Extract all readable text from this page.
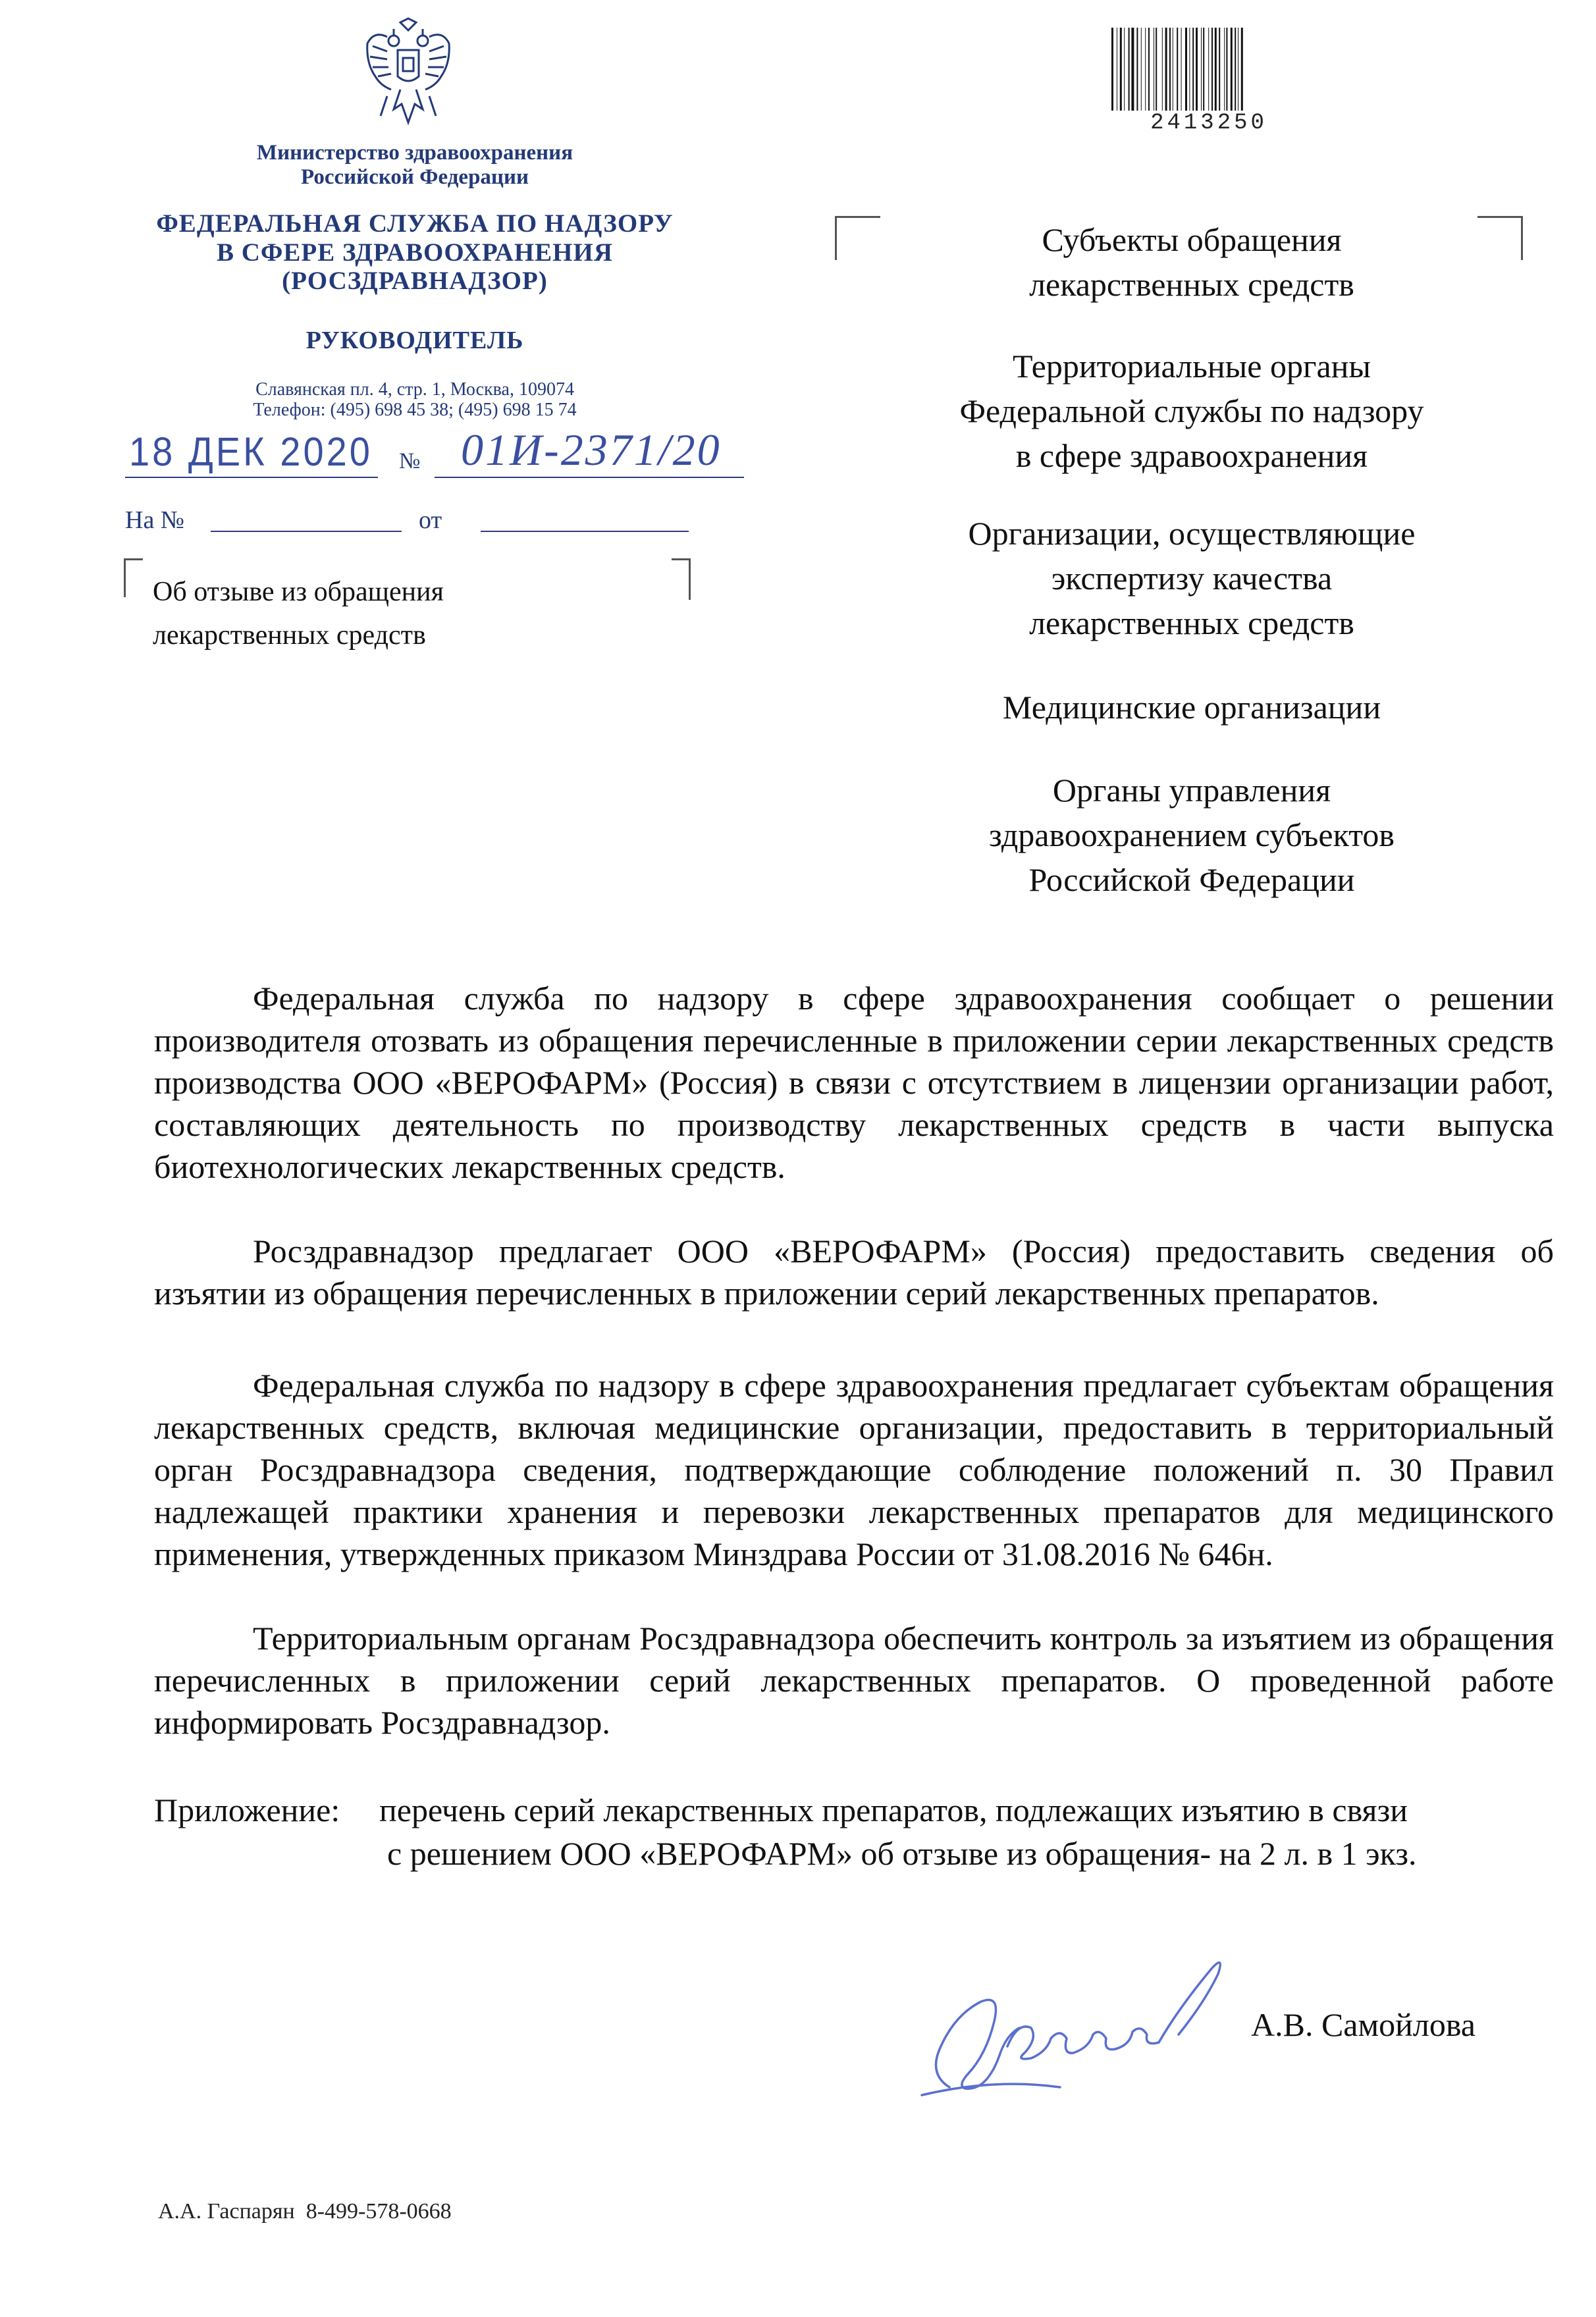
Министерство здравоохранения
Российской Федерации
ФЕДЕРАЛЬНАЯ СЛУЖБА ПО НАДЗОРУ
В СФЕРЕ ЗДРАВООХРАНЕНИЯ
(РОСЗДРАВНАДЗОР)
РУКОВОДИТЕЛЬ
Славянская пл. 4, стр. 1, Москва, 109074
Телефон: (495) 698 45 38; (495) 698 15 74
18 ДЕК 2020 № 01И-2371/20
На №	от
Об отзыве из обращения
лекарственных средств
2413250
Субъекты обращения
лекарственных средств
Территориальные органы
Федеральной службы по надзору
в сфере здравоохранения
Организации, осуществляющие
экспертизу качества
лекарственных средств
Медицинские организации
Органы управления
здравоохранением субъектов
Российской Федерации

Федеральная служба по надзору в сфере здравоохранения сообщает о решении производителя отозвать из обращения перечисленные в приложении серии лекарственных средств производства ООО «ВЕРОФАРМ» (Россия) в связи с отсутствием в лицензии организации работ, составляющих деятельность по производству лекарственных средств в части выпуска биотехнологических лекарственных средств.

Росздравнадзор предлагает ООО «ВЕРОФАРМ» (Россия) предоставить сведения об изъятии из обращения перечисленных в приложении серий лекарственных препаратов.

Федеральная служба по надзору в сфере здравоохранения предлагает субъектам обращения лекарственных средств, включая медицинские организации, предоставить в территориальный орган Росздравнадзора сведения, подтверждающие соблюдение положений п. 30 Правил надлежащей практики хранения и перевозки лекарственных препаратов для медицинского применения, утвержденных приказом Минздрава России от 31.08.2016 № 646н.

Территориальным органам Росздравнадзора обеспечить контроль за изъятием из обращения перечисленных в приложении серий лекарственных препаратов. О проведенной работе информировать Росздравнадзор.

Приложение: перечень серий лекарственных препаратов, подлежащих изъятию в связи
с решением ООО «ВЕРОФАРМ» об отзыве из обращения- на 2 л. в 1 экз.
А.В. Самойлова
А.А. Гаспарян 8-499-578-0668
